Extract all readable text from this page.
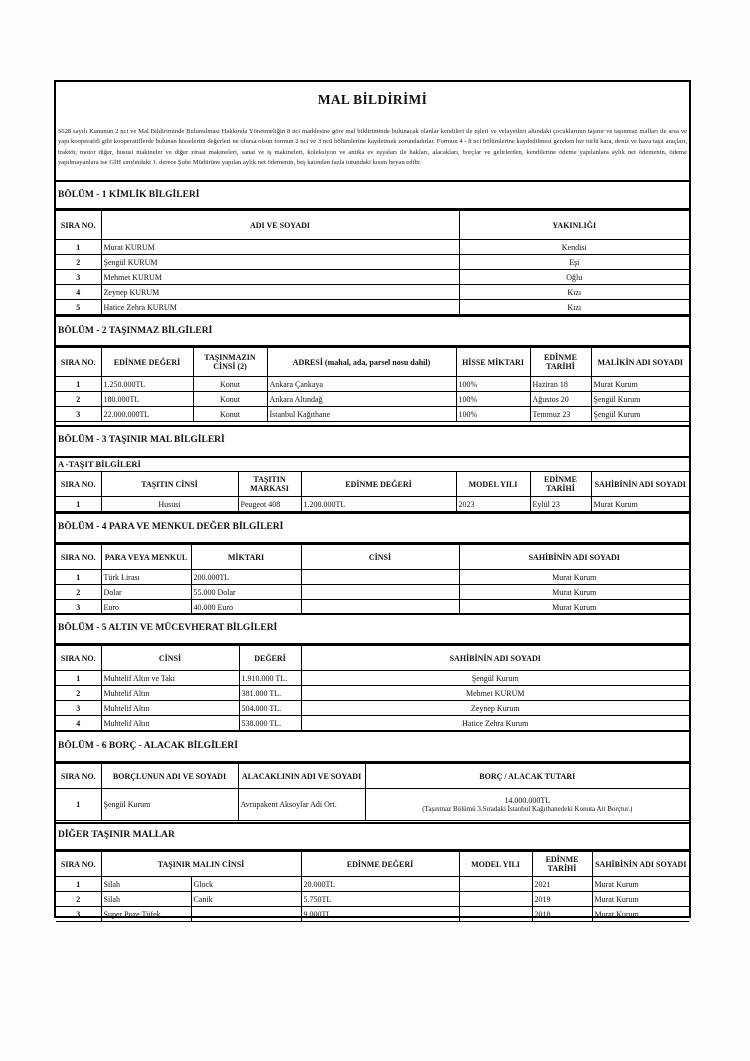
MAL BİLDİRİMİ
5628 sayılı Kanunun 2 nci ve Mal Bildiriminde Bulunulması Hakkında Yönetmeliğin 8 nci maddesine göre mal bildiriminde bulunacak olanlar kendileri ile eşleri ve velayetleri altındaki çocuklarının taşınır ve taşınmaz malları ile arsa ve yapı kooperatifi gibi kooperatiflerde bulunan hisselerini değerleri ne olursa olsun formun 2 nci ve 3 ncü bölümlerine kaydetmek zorundadırlar. Formun 4 - 8 nci bölümlerine kaydedilmesi gereken her türlü kara, deniz ve hava taşıt araçları, traktör, motor diğer, hususi makineler ve diğer ziraat makineleri, sanat ve iş makineleri, koleksiyon ve antika ev eşyaları ile hakları, alacakları, borçlar ve gelirlerden, kendilerine ödeme yapılanlara aylık net ödemenin, ödeme yapılmayanlara ise GİH sınıfındaki 1. derece Şube Müdürüne yapılan aylık net ödemenin, beş katından fazla tutundaki kısım beyan edilir.
BÖLÜM - 1 KİMLİK BİLGİLERİ
SIRA NO.	ADI VE SOYADI	YAKINLIĞI
1	Murat KURUM	Kendisi
2	Şengül KURUM	Eşi
3	Mehmet KURUM	Oğlu
4	Zeynep KURUM	Kızı
5	Hatice Zehra KURUM	Kızı
BÖLÜM - 2 TAŞINMAZ BİLGİLERİ
SIRA NO.	EDİNME DEĞERİ	TAŞINMAZIN CİNSİ (2)	ADRESİ (mahal, ada, parsel nosu dahil)	HİSSE MİKTARI	EDİNME TARİHİ	MALİKİN ADI SOYADI
1	1.250.000TL	Konut	Ankara Çankaya	100%	Haziran 18	Murat Kurum
2	180.000TL	Konut	Ankara Altındağ	100%	Ağustos 20	Şengül Kurum
3	22.000.000TL	Konut	İstanbul Kağıthane	100%	Temmuz 23	Şengül Kurum
BÖLÜM - 3 TAŞINIR MAL BİLGİLERİ
A -TAŞIT BİLGİLERİ
SIRA NO.	TAŞITIN CİNSİ	TAŞITIN MARKASI	EDİNME DEĞERİ	MODEL YILI	EDİNME TARİHİ	SAHİBİNİN ADI SOYADI
1	Hususi	Peugeot 408	1.200.000TL	2023	Eylül 23	Murat Kurum
BÖLÜM - 4 PARA VE MENKUL DEĞER BİLGİLERİ
SIRA NO.	PARA VEYA MENKUL	MİKTARI	CİNSİ	SAHİBİNİN ADI SOYADI
1	Türk Lirası	200.000TL		Murat Kurum
2	Dolar	55.000 Dolar		Murat Kurum
3	Euro	40.000 Euro		Murat Kurum
BÖLÜM - 5 ALTIN VE MÜCEVHERAT BİLGİLERİ
SIRA NO.	CİNSİ	DEĞERİ	SAHİBİNİN ADI SOYADI
1	Muhtelif Altın ve Takı	1.910.000 TL.	Şengül Kurum
2	Muhtelif Altın	381.000 TL.	Mehmet KURUM
3	Muhtelif Altın	504.000 TL.	Zeynep Kurum
4	Muhtelif Altın	538.000 TL.	Hatice Zehra Kurum
BÖLÜM - 6 BORÇ - ALACAK BİLGİLERİ
SIRA NO.	BORÇLUNUN ADI VE SOYADI	ALACAKLININ ADI VE SOYADI	BORÇ / ALACAK TUTARI
1	Şengül Kurum	Avrupakent Aksoylar Adi Ort.	14.000.000TL
(Taşınmaz Bölümü 3.Sıradaki İstanbul Kağıthanedeki Konuta Ait Borçtur.)
DİĞER TAŞINIR MALLAR
SIRA NO.	TAŞINIR MALIN CİNSİ		EDİNME DEĞERİ	MODEL YILI	EDİNME TARİHİ	SAHİBİNİN ADI SOYADI
1	Silah	Glock	20.000TL		2021	Murat Kurum
2	Silah	Canik	5.750TL		2019	Murat Kurum
3	Super Poze Tüfek		9.000TL		2018	Murat Kurum
